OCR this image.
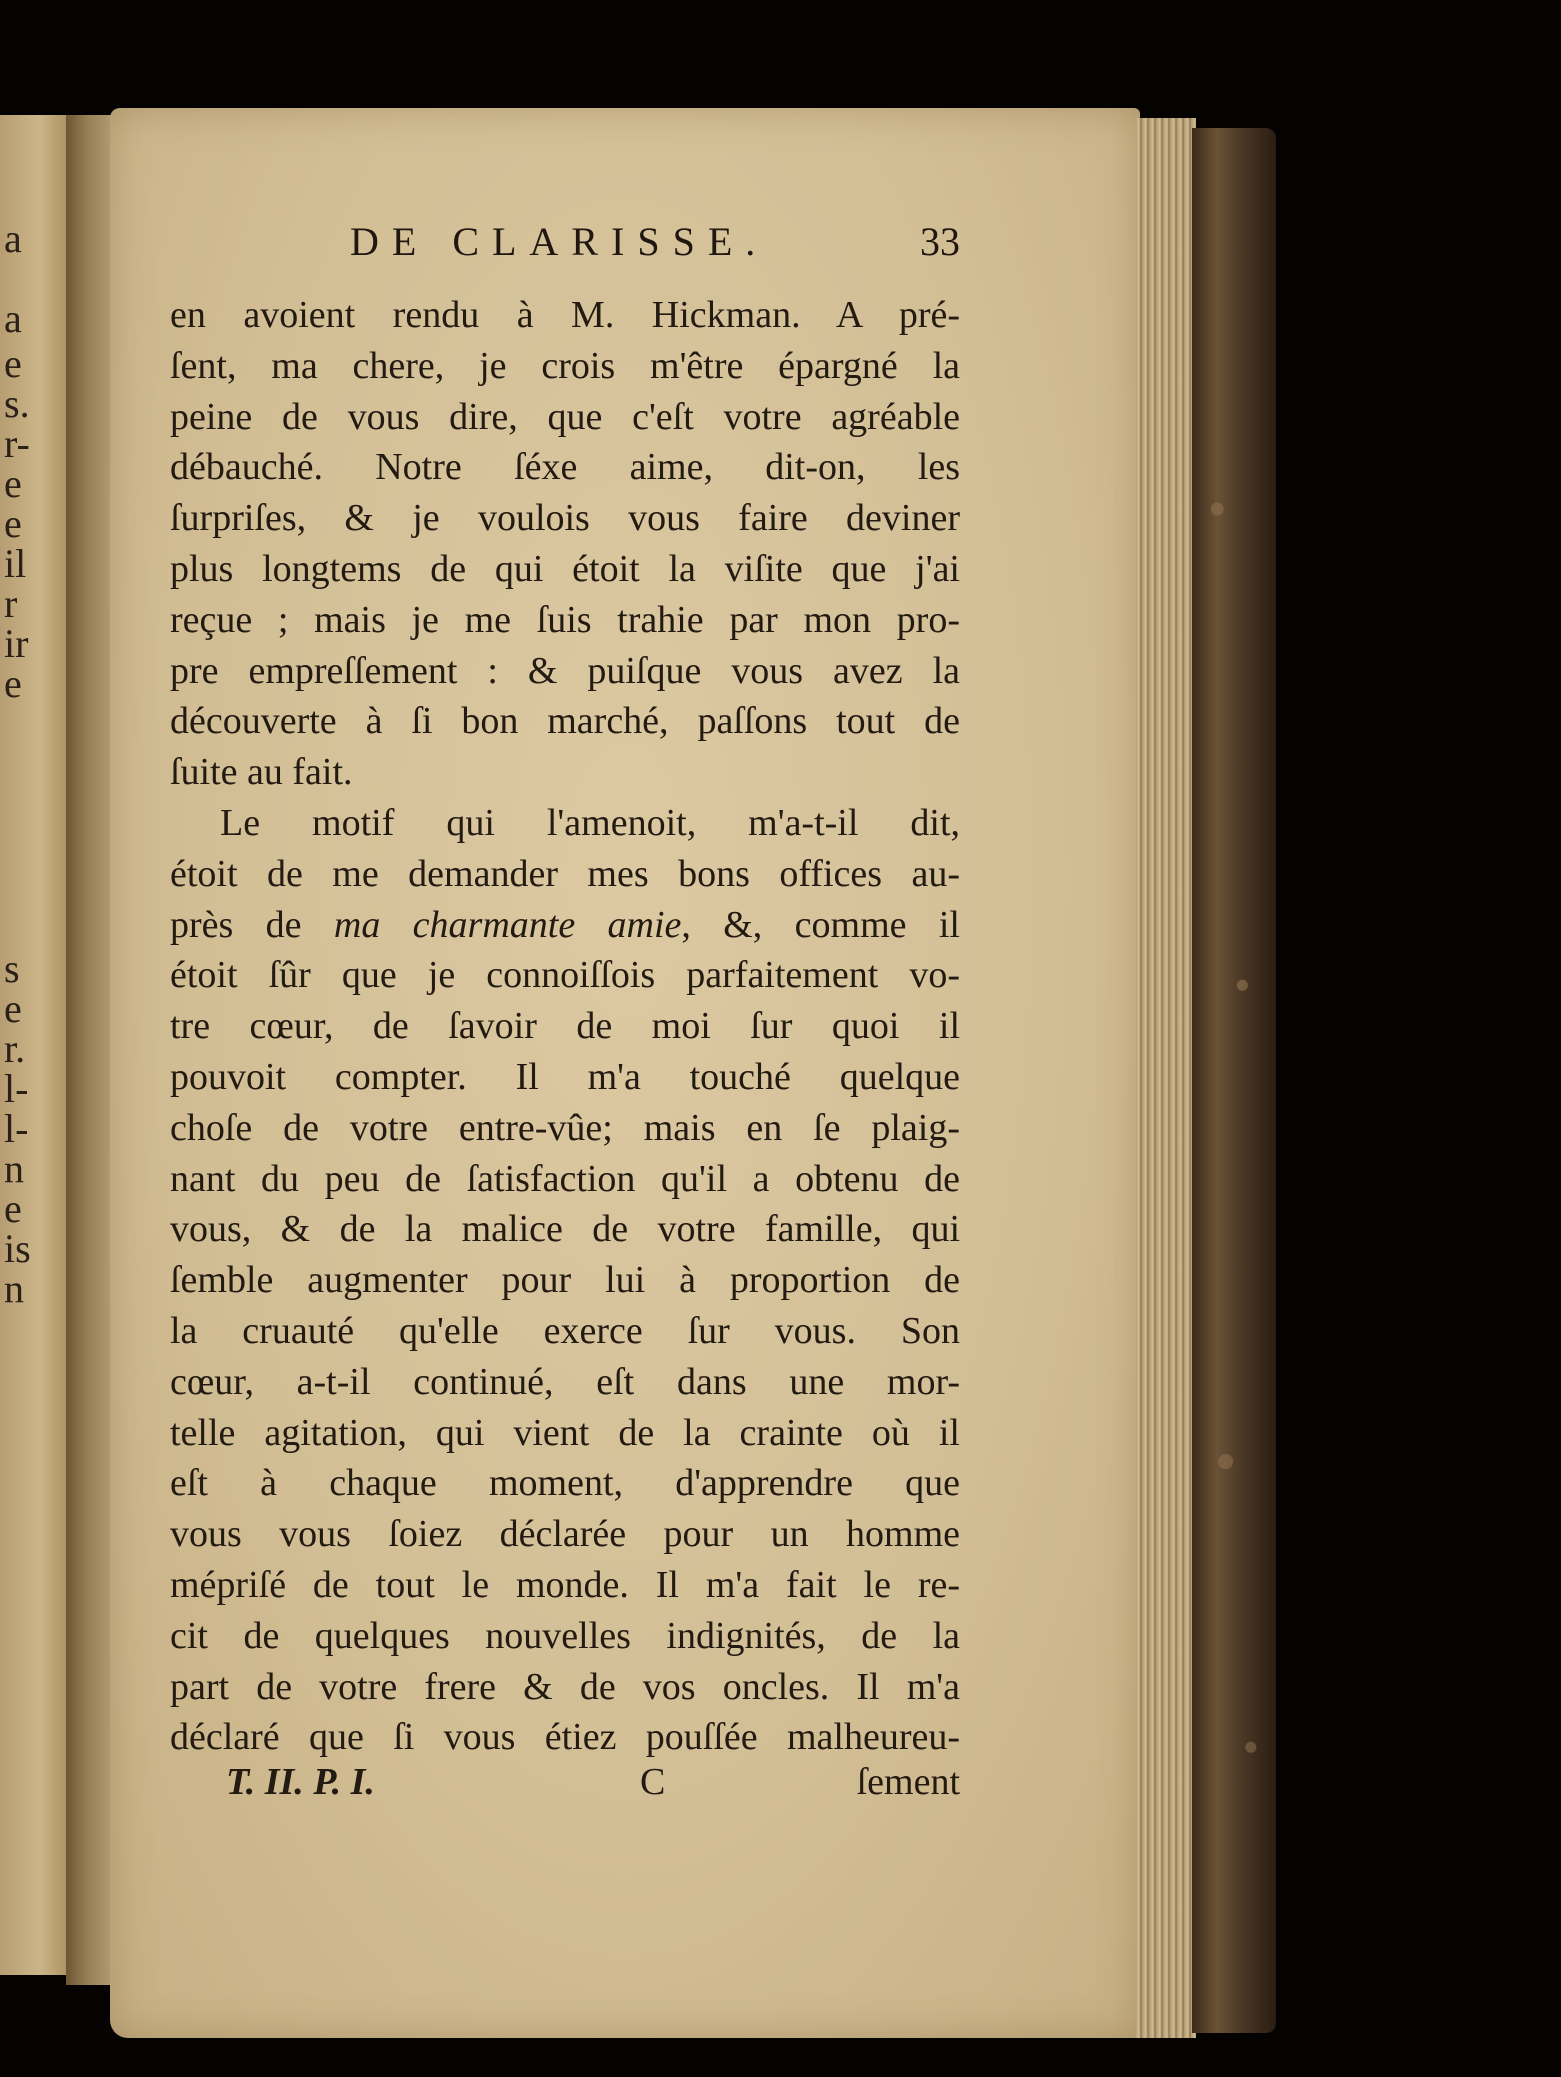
a
a
e
s.
r-
e
e
il
r
ir
e
s
e
r.
l-
l-
n
e
is
n
DE CLARISSE.	33
en avoient rendu à M. Hickman. A pré-
ſent, ma chere, je crois m'être épargné la
peine de vous dire, que c'eſt votre agréable
débauché. Notre ſéxe aime, dit-on, les
ſurpriſes, & je voulois vous faire deviner
plus longtems de qui étoit la viſite que j'ai
reçue ; mais je me ſuis trahie par mon pro-
pre empreſſement : & puiſque vous avez la
découverte à ſi bon marché, paſſons tout de
ſuite au fait.
Le motif qui l'amenoit, m'a-t-il dit,
étoit de me demander mes bons offices au-
près de ma charmante amie, &, comme il
étoit ſûr que je connoiſſois parfaitement vo-
tre cœur, de ſavoir de moi ſur quoi il
pouvoit compter. Il m'a touché quelque
choſe de votre entre-vûe; mais en ſe plaig-
nant du peu de ſatisfaction qu'il a obtenu de
vous, & de la malice de votre famille, qui
ſemble augmenter pour lui à proportion de
la cruauté qu'elle exerce ſur vous. Son
cœur, a-t-il continué, eſt dans une mor-
telle agitation, qui vient de la crainte où il
eſt à chaque moment, d'apprendre que
vous vous ſoiez déclarée pour un homme
mépriſé de tout le monde. Il m'a fait le re-
cit de quelques nouvelles indignités, de la
part de votre frere & de vos oncles. Il m'a
déclaré que ſi vous étiez pouſſée malheureu-
T. II. P. I.	C	ſement
